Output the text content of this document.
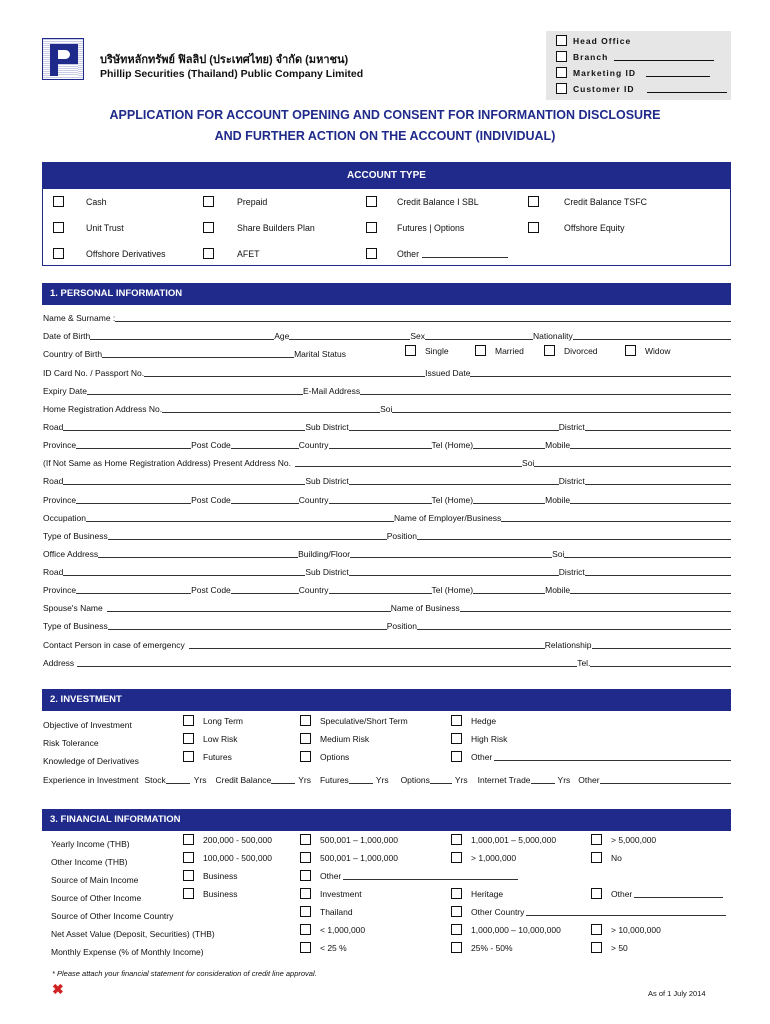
บริษัทหลักทรัพย์ ฟิลลิป (ประเทศไทย) จำกัด (มหาชน)
Phillip Securities (Thailand) Public Company Limited
Head Office
Branch
Marketing ID
Customer ID
APPLICATION FOR ACCOUNT OPENING AND CONSENT FOR INFORMANTION DISCLOSURE
AND FURTHER ACTION ON THE ACCOUNT (INDIVIDUAL)
ACCOUNT TYPE
Cash	Prepaid	Credit Balance I SBL	Credit Balance TSFC
Unit Trust	Share Builders Plan	Futures | Options	Offshore Equity
Offshore Derivatives	AFET	Other
1. PERSONAL INFORMATION
Name & Surname :
Date of Birth	Age	Sex	Nationality
Country of Birth	Marital Status	Single	Married	Divorced	Widow
ID Card No. / Passport No.	Issued Date
Expiry Date	E-Mail Address
Home Registration Address No.	Soi
Road	Sub District	District
Province	Post Code	Country	Tel (Home)	Mobile
(If Not Same as Home Registration Address) Present Address No.	Soi
Road	Sub District	District
Province	Post Code	Country	Tel (Home)	Mobile
Occupation	Name of Employer/Business
Type of Business	Position
Office Address	Building/Floor	Soi
Road	Sub District	District
Province	Post Code	Country	Tel (Home)	Mobile
Spouse's Name	Name of Business
Type of Business	Position
Contact Person in case of emergency	Relationship
Address	Tel.
2. INVESTMENT
Objective of Investment	Long Term	Speculative/Short Term	Hedge
Risk Tolerance	Low Risk	Medium Risk	High Risk
Knowledge of Derivatives	Futures	Options	Other
Experience in Investment Stock	Yrs Credit Balance	Yrs Futures	Yrs Options	Yrs Internet Trade	Yrs Other
3. FINANCIAL INFORMATION
Yearly Income (THB)	200,000 - 500,000	500,001 – 1,000,000	1,000,001 – 5,000,000	> 5,000,000
Other Income (THB)	100,000 - 500,000	500,001 – 1,000,000	> 1,000,000	No
Source of Main Income	Business	Other
Source of Other Income	Business	Investment	Heritage	Other
Source of Other Income Country	Thailand	Other Country
Net Asset Value (Deposit, Securities) (THB)	< 1,000,000	1,000,000 – 10,000,000	> 10,000,000
Monthly Expense (% of Monthly Income)	< 25 %	25% - 50%	> 50
* Please attach your financial statement for consideration of credit line approval.
✖	As of 1 July 2014
